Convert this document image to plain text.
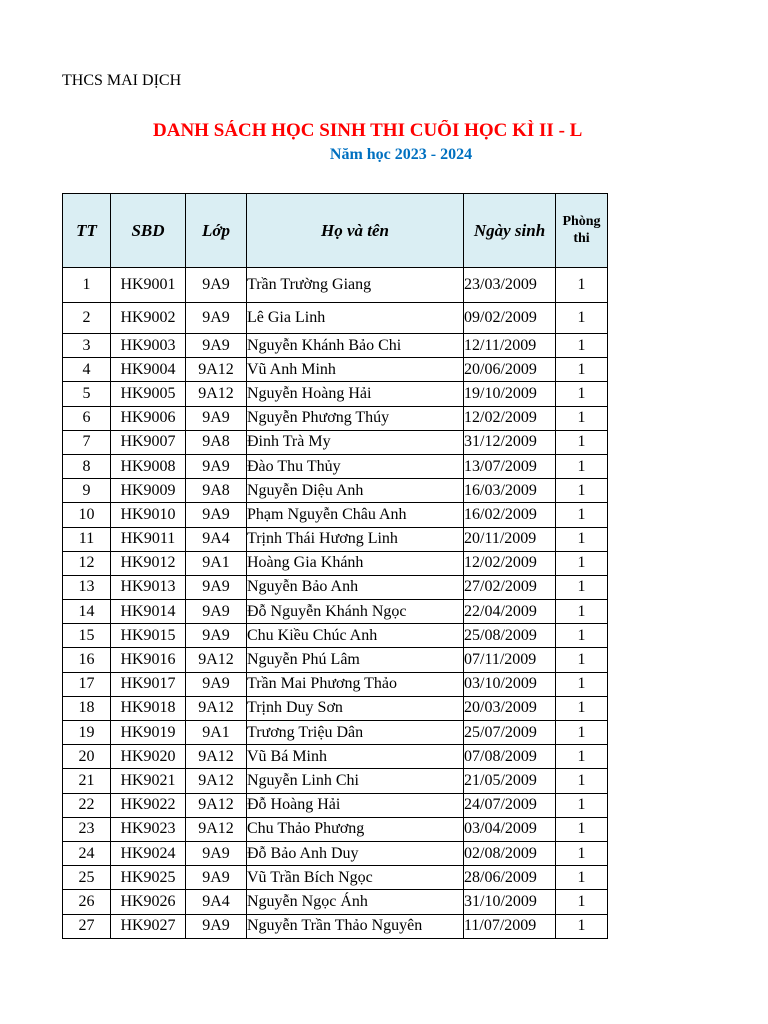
THCS MAI DỊCH
DANH SÁCH HỌC SINH THI CUỐI HỌC KÌ II - L
Năm học 2023 - 2024
TT	SBD	Lớp	Họ và tên	Ngày sinh	Phòng thi
1	HK9001	9A9	Trần Trường Giang	23/03/2009	1
2	HK9002	9A9	Lê Gia Linh	09/02/2009	1
3	HK9003	9A9	Nguyễn Khánh Bảo Chi	12/11/2009	1
4	HK9004	9A12	Vũ Anh Minh	20/06/2009	1
5	HK9005	9A12	Nguyễn Hoàng Hải	19/10/2009	1
6	HK9006	9A9	Nguyễn Phương Thúy	12/02/2009	1
7	HK9007	9A8	Đinh Trà My	31/12/2009	1
8	HK9008	9A9	Đào Thu Thủy	13/07/2009	1
9	HK9009	9A8	Nguyễn Diệu Anh	16/03/2009	1
10	HK9010	9A9	Phạm Nguyễn Châu Anh	16/02/2009	1
11	HK9011	9A4	Trịnh Thái Hương Linh	20/11/2009	1
12	HK9012	9A1	Hoàng Gia Khánh	12/02/2009	1
13	HK9013	9A9	Nguyễn Bảo Anh	27/02/2009	1
14	HK9014	9A9	Đỗ Nguyễn Khánh Ngọc	22/04/2009	1
15	HK9015	9A9	Chu Kiều Chúc Anh	25/08/2009	1
16	HK9016	9A12	Nguyễn Phú Lâm	07/11/2009	1
17	HK9017	9A9	Trần Mai Phương Thảo	03/10/2009	1
18	HK9018	9A12	Trịnh Duy Sơn	20/03/2009	1
19	HK9019	9A1	Trương Triệu Dân	25/07/2009	1
20	HK9020	9A12	Vũ Bá Minh	07/08/2009	1
21	HK9021	9A12	Nguyễn Linh Chi	21/05/2009	1
22	HK9022	9A12	Đỗ Hoàng Hải	24/07/2009	1
23	HK9023	9A12	Chu Thảo Phương	03/04/2009	1
24	HK9024	9A9	Đỗ Bảo Anh Duy	02/08/2009	1
25	HK9025	9A9	Vũ Trần Bích Ngọc	28/06/2009	1
26	HK9026	9A4	Nguyễn Ngọc Ánh	31/10/2009	1
27	HK9027	9A9	Nguyễn Trần Thảo Nguyên	11/07/2009	1
